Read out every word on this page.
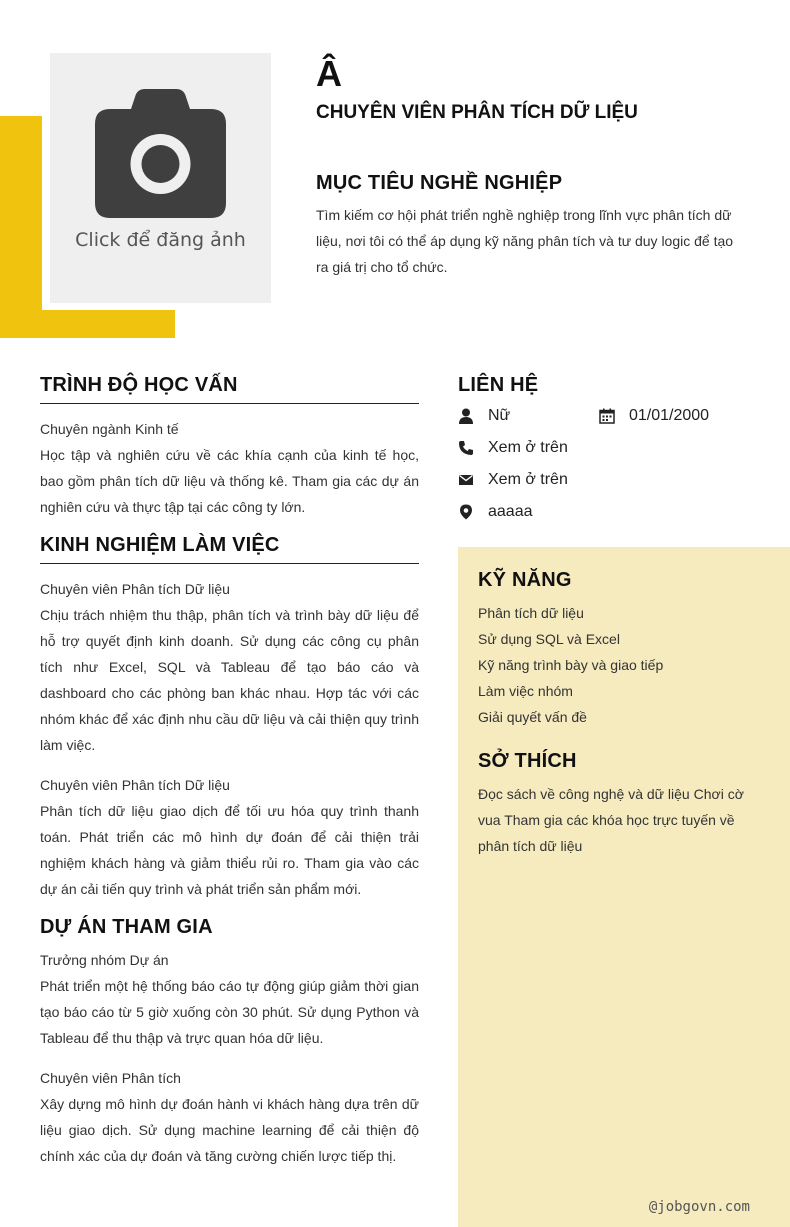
Click để đăng ảnh
Â
CHUYÊN VIÊN PHÂN TÍCH DỮ LIỆU
MỤC TIÊU NGHỀ NGHIỆP
Tìm kiếm cơ hội phát triển nghề nghiệp trong lĩnh vực phân tích dữ liệu, nơi tôi có thể áp dụng kỹ năng phân tích và tư duy logic để tạo ra giá trị cho tổ chức.
TRÌNH ĐỘ HỌC VẤN
Chuyên ngành Kinh tế
Học tập và nghiên cứu về các khía cạnh của kinh tế học, bao gồm phân tích dữ liệu và thống kê. Tham gia các dự án nghiên cứu và thực tập tại các công ty lớn.
KINH NGHIỆM LÀM VIỆC
Chuyên viên Phân tích Dữ liệu
Chịu trách nhiệm thu thập, phân tích và trình bày dữ liệu để hỗ trợ quyết định kinh doanh. Sử dụng các công cụ phân tích như Excel, SQL và Tableau để tạo báo cáo và dashboard cho các phòng ban khác nhau. Hợp tác với các nhóm khác để xác định nhu cầu dữ liệu và cải thiện quy trình làm việc.
Chuyên viên Phân tích Dữ liệu
Phân tích dữ liệu giao dịch để tối ưu hóa quy trình thanh toán. Phát triển các mô hình dự đoán để cải thiện trải nghiệm khách hàng và giảm thiểu rủi ro. Tham gia vào các dự án cải tiến quy trình và phát triển sản phẩm mới.
DỰ ÁN THAM GIA
Trưởng nhóm Dự án
Phát triển một hệ thống báo cáo tự động giúp giảm thời gian tạo báo cáo từ 5 giờ xuống còn 30 phút. Sử dụng Python và Tableau để thu thập và trực quan hóa dữ liệu.
Chuyên viên Phân tích
Xây dựng mô hình dự đoán hành vi khách hàng dựa trên dữ liệu giao dịch. Sử dụng machine learning để cải thiện độ chính xác của dự đoán và tăng cường chiến lược tiếp thị.
LIÊN HỆ
Nữ	01/01/2000
Xem ở trên
Xem ở trên
aaaaa
KỸ NĂNG
Phân tích dữ liệu
Sử dụng SQL và Excel
Kỹ năng trình bày và giao tiếp
Làm việc nhóm
Giải quyết vấn đề
SỞ THÍCH
Đọc sách về công nghệ và dữ liệu Chơi cờ vua Tham gia các khóa học trực tuyến về phân tích dữ liệu
@jobgovn.com
